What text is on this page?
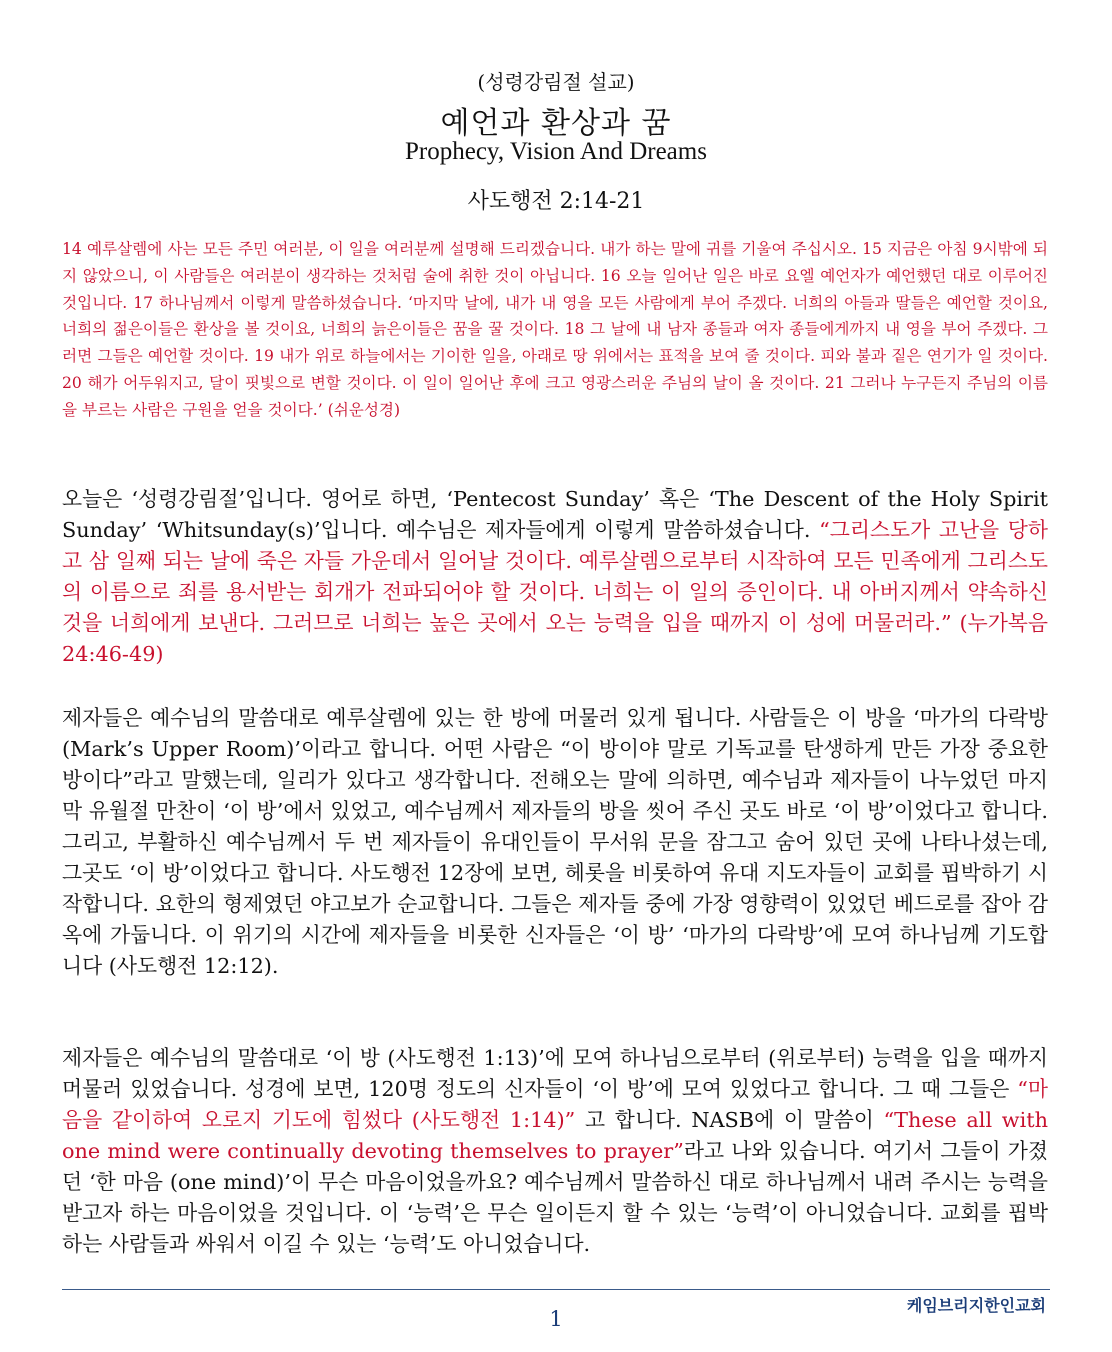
(성령강림절 설교)
예언과 환상과 꿈
Prophecy, Vision And Dreams
사도행전 2:14-21
14 예루살렘에 사는 모든 주민 여러분, 이 일을 여러분께 설명해 드리겠습니다. 내가 하는 말에 귀를 기울여 주십시오. 15 지금은 아침 9시밖에 되지 않았으니, 이 사람들은 여러분이 생각하는 것처럼 술에 취한 것이 아닙니다. 16 오늘 일어난 일은 바로 요엘 예언자가 예언했던 대로 이루어진 것입니다. 17 하나님께서 이렇게 말씀하셨습니다. ‘마지막 날에, 내가 내 영을 모든 사람에게 부어 주겠다. 너희의 아들과 딸들은 예언할 것이요, 너희의 젊은이들은 환상을 볼 것이요, 너희의 늙은이들은 꿈을 꿀 것이다. 18 그 날에 내 남자 종들과 여자 종들에게까지 내 영을 부어 주겠다. 그러면 그들은 예언할 것이다. 19 내가 위로 하늘에서는 기이한 일을, 아래로 땅 위에서는 표적을 보여 줄 것이다. 피와 불과 짙은 연기가 일 것이다. 20 해가 어두워지고, 달이 핏빛으로 변할 것이다. 이 일이 일어난 후에 크고 영광스러운 주님의 날이 올 것이다. 21 그러나 누구든지 주님의 이름을 부르는 사람은 구원을 얻을 것이다.’ (쉬운성경)
오늘은 ‘성령강림절’입니다. 영어로 하면, ‘Pentecost Sunday’ 혹은 ‘The Descent of the Holy Spirit Sunday’ ‘Whitsunday(s)’입니다. 예수님은 제자들에게 이렇게 말씀하셨습니다. “그리스도가 고난을 당하고 삼 일째 되는 날에 죽은 자들 가운데서 일어날 것이다. 예루살렘으로부터 시작하여 모든 민족에게 그리스도의 이름으로 죄를 용서받는 회개가 전파되어야 할 것이다. 너희는 이 일의 증인이다. 내 아버지께서 약속하신 것을 너희에게 보낸다. 그러므로 너희는 높은 곳에서 오는 능력을 입을 때까지 이 성에 머물러라.” (누가복음 24:46-49)
제자들은 예수님의 말씀대로 예루살렘에 있는 한 방에 머물러 있게 됩니다. 사람들은 이 방을 ‘마가의 다락방 (Mark’s Upper Room)’이라고 합니다. 어떤 사람은 “이 방이야 말로 기독교를 탄생하게 만든 가장 중요한 방이다”라고 말했는데, 일리가 있다고 생각합니다. 전해오는 말에 의하면, 예수님과 제자들이 나누었던 마지막 유월절 만찬이 ‘이 방’에서 있었고, 예수님께서 제자들의 방을 씻어 주신 곳도 바로 ‘이 방’이었다고 합니다. 그리고, 부활하신 예수님께서 두 번 제자들이 유대인들이 무서워 문을 잠그고 숨어 있던 곳에 나타나셨는데, 그곳도 ‘이 방’이었다고 합니다. 사도행전 12장에 보면, 헤롯을 비롯하여 유대 지도자들이 교회를 핍박하기 시작합니다. 요한의 형제였던 야고보가 순교합니다. 그들은 제자들 중에 가장 영향력이 있었던 베드로를 잡아 감옥에 가둡니다. 이 위기의 시간에 제자들을 비롯한 신자들은 ‘이 방’ ‘마가의 다락방’에 모여 하나님께 기도합니다 (사도행전 12:12).
제자들은 예수님의 말씀대로 ‘이 방 (사도행전 1:13)’에 모여 하나님으로부터 (위로부터) 능력을 입을 때까지 머물러 있었습니다. 성경에 보면, 120명 정도의 신자들이 ‘이 방’에 모여 있었다고 합니다. 그 때 그들은 “마음을 같이하여 오로지 기도에 힘썼다 (사도행전 1:14)” 고 합니다. NASB에 이 말씀이 “These all with one mind were continually devoting themselves to prayer”라고 나와 있습니다. 여기서 그들이 가졌던 ‘한 마음 (one mind)’이 무슨 마음이었을까요? 예수님께서 말씀하신 대로 하나님께서 내려 주시는 능력을 받고자 하는 마음이었을 것입니다. 이 ‘능력’은 무슨 일이든지 할 수 있는 ‘능력’이 아니었습니다. 교회를 핍박하는 사람들과 싸워서 이길 수 있는 ‘능력’도 아니었습니다.
케임브리지한인교회
1
